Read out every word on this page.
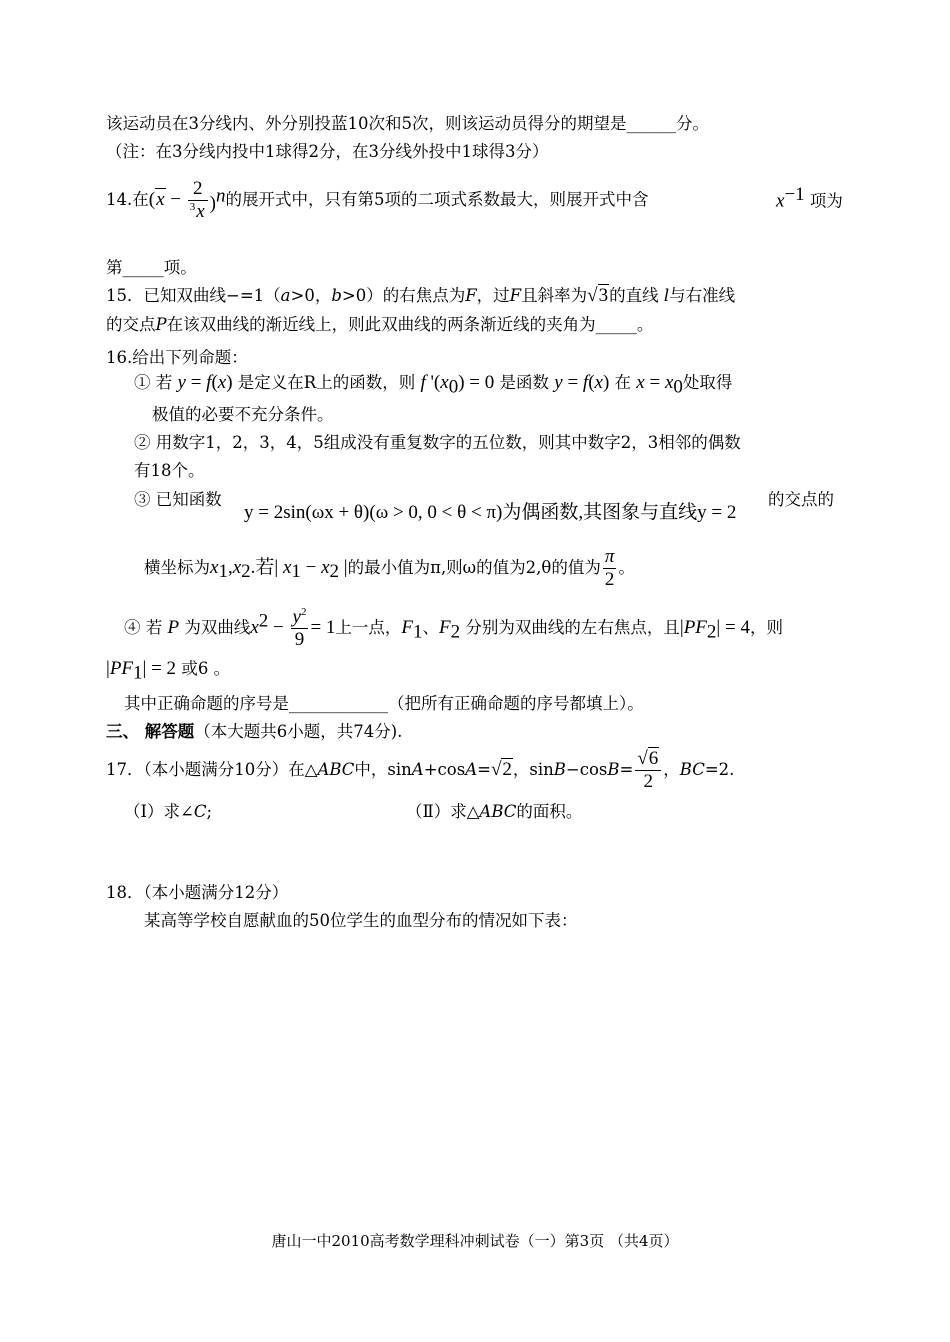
该运动员在3分线内、外分别投蓝10次和5次，则该运动员得分的期望是______分。
（注：在3分线内投中1球得2分，在3分线外投中1球得3分）
14.在$(x - \frac{2}{^3x} )^n$的展开式中，只有第5项的二项式系数最大，则展开式中含	$x^{-1}$ 项为
第_____项。
15．已知双曲线−=1（a>0，b>0）的右焦点为F，过F且斜率为√3的直线 l与右准线
的交点P在该双曲线的渐近线上，则此双曲线的两条渐近线的夹角为_____。
16.给出下列命题：
① 若 y = f(x) 是定义在R上的函数，则 f '$(x_0) = 0$ 是函数 y = f(x) 在 $x = x_0$处取得
极值的必要不充分条件。
② 用数字1，2，3，4，5组成没有重复数字的五位数，则其中数字2，3相邻的偶数
有18个。
③ 已知函数
y = 2sin(ωx + θ)(ω > 0, 0 < θ < π)为偶函数,其图象与直线y = 2
的交点的
横坐标为$x_1,x_2$.若| $x_1 - x_2$ |的最小值为π,则ω的值为2,θ的值为 $\frac{\pi}{2}$ 。
④ 若 P 为双曲线$x^2 - \frac{y^2}{9} = 1$上一点，$F_1$、$F_2$ 分别为双曲线的左右焦点，且$|PF_2| = 4$，则
$|PF_1| = 2$ 或6 。
其中正确命题的序号是____________（把所有正确命题的序号都填上）。
三、 解答题（本大题共6小题，共74分).
17．（本小题满分10分）在△ABC中，sinA+cosA=√2，$\sin B-\cos B= \frac{√6}{2}$ ，BC=2.
（Ⅰ）求∠C;	（Ⅱ）求△ABC的面积。
18．（本小题满分12分）
某高等学校自愿献血的50位学生的血型分布的情况如下表：
唐山一中2010高考数学理科冲刺试卷（一）第3页 （共4页）
